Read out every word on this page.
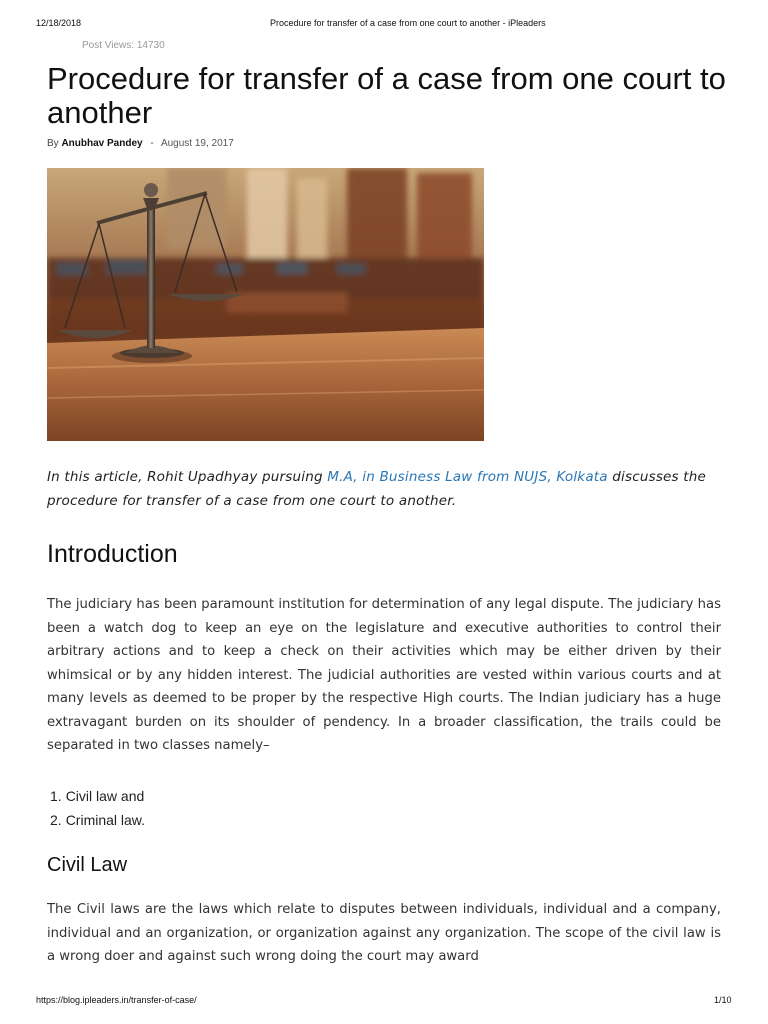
12/18/2018	Procedure for transfer of a case from one court to another - iPleaders
Post Views: 14730
Procedure for transfer of a case from one court to another
By Anubhav Pandey - August 19, 2017

In this article, Rohit Upadhyay pursuing M.A, in Business Law from NUJS, Kolkata discusses the procedure for transfer of a case from one court to another.

Introduction

The judiciary has been paramount institution for determination of any legal dispute. The judiciary has been a watch dog to keep an eye on the legislature and executive authorities to control their arbitrary actions and to keep a check on their activities which may be either driven by their whimsical or by any hidden interest. The judicial authorities are vested within various courts and at many levels as deemed to be proper by the respective High courts. The Indian judiciary has a huge extravagant burden on its shoulder of pendency. In a broader classification, the trails could be separated in two classes namely–

1. Civil law and
2. Criminal law.
Civil Law

The Civil laws are the laws which relate to disputes between individuals, individual and a company, individual and an organization, or organization against any organization. The scope of the civil law is a wrong doer and against such wrong doing the court may award

https://blog.ipleaders.in/transfer-of-case/	1/10
